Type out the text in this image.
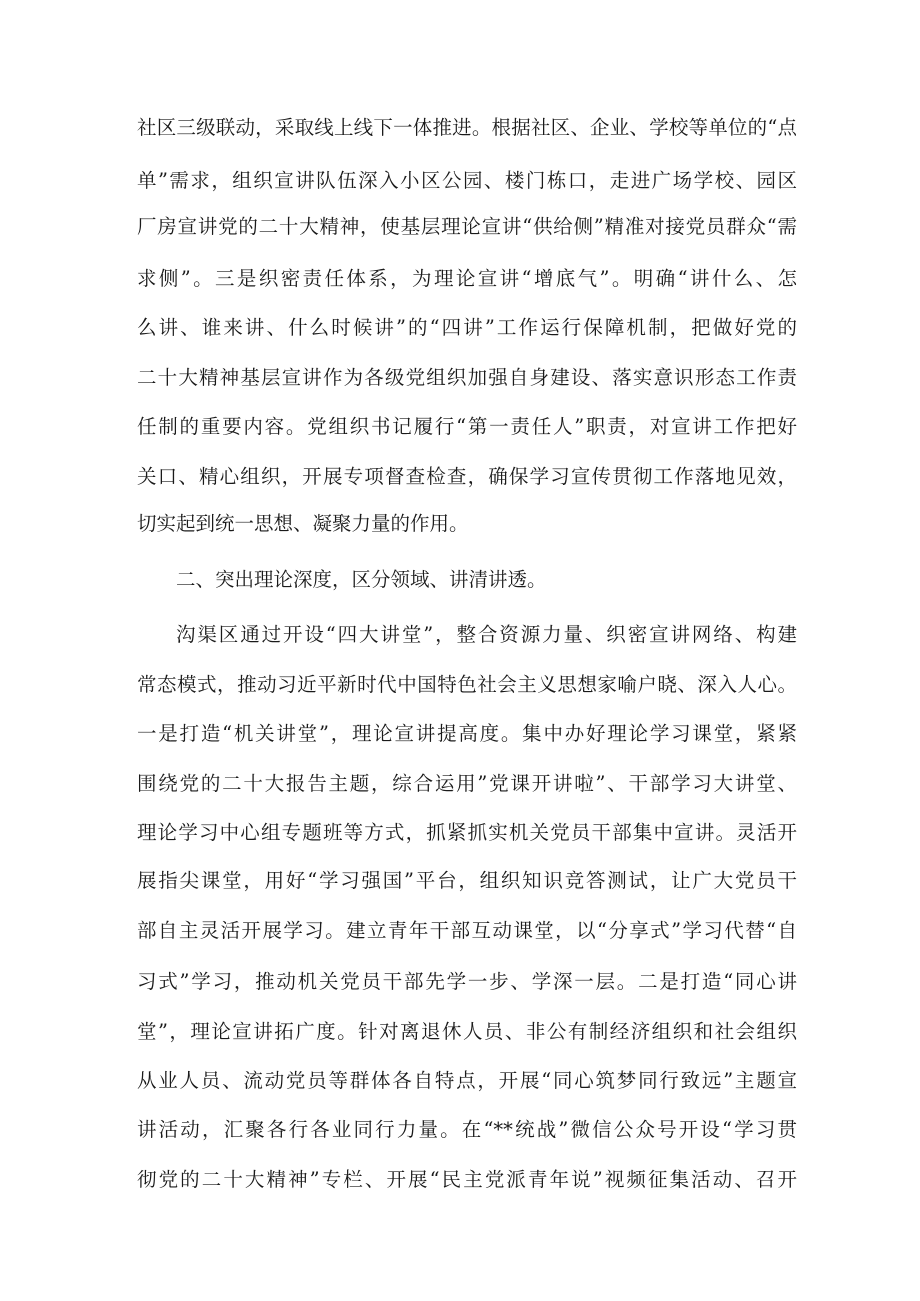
社区三级联动，采取线上线下一体推进。根据社区、企业、学校等单位的“点

单”需求，组织宣讲队伍深入小区公园、楼门栋口，走进广场学校、园区

厂房宣讲党的二十大精神，使基层理论宣讲“供给侧”精准对接党员群众“需

求侧”。三是织密责任体系，为理论宣讲“增底气”。明确“讲什么、怎

么讲、谁来讲、什么时候讲”的“四讲”工作运行保障机制，把做好党的

二十大精神基层宣讲作为各级党组织加强自身建设、落实意识形态工作责

任制的重要内容。党组织书记履行“第一责任人”职责，对宣讲工作把好

关口、精心组织，开展专项督查检查，确保学习宣传贯彻工作落地见效，

切实起到统一思想、凝聚力量的作用。

二、突出理论深度，区分领域、讲清讲透。

沟渠区通过开设“四大讲堂”，整合资源力量、织密宣讲网络、构建

常态模式，推动习近平新时代中国特色社会主义思想家喻户晓、深入人心。

一是打造“机关讲堂”，理论宣讲提高度。集中办好理论学习课堂，紧紧

围绕党的二十大报告主题，综合运用”党课开讲啦”、干部学习大讲堂、

理论学习中心组专题班等方式，抓紧抓实机关党员干部集中宣讲。灵活开

展指尖课堂，用好“学习强国”平台，组织知识竞答测试，让广大党员干

部自主灵活开展学习。建立青年干部互动课堂，以“分享式”学习代替“自

习式”学习，推动机关党员干部先学一步、学深一层。二是打造“同心讲

堂”，理论宣讲拓广度。针对离退休人员、非公有制经济组织和社会组织

从业人员、流动党员等群体各自特点，开展“同心筑梦同行致远”主题宣

讲活动，汇聚各行各业同行力量。在“**统战”微信公众号开设“学习贯

彻党的二十大精神”专栏、开展“民主党派青年说”视频征集活动、召开
